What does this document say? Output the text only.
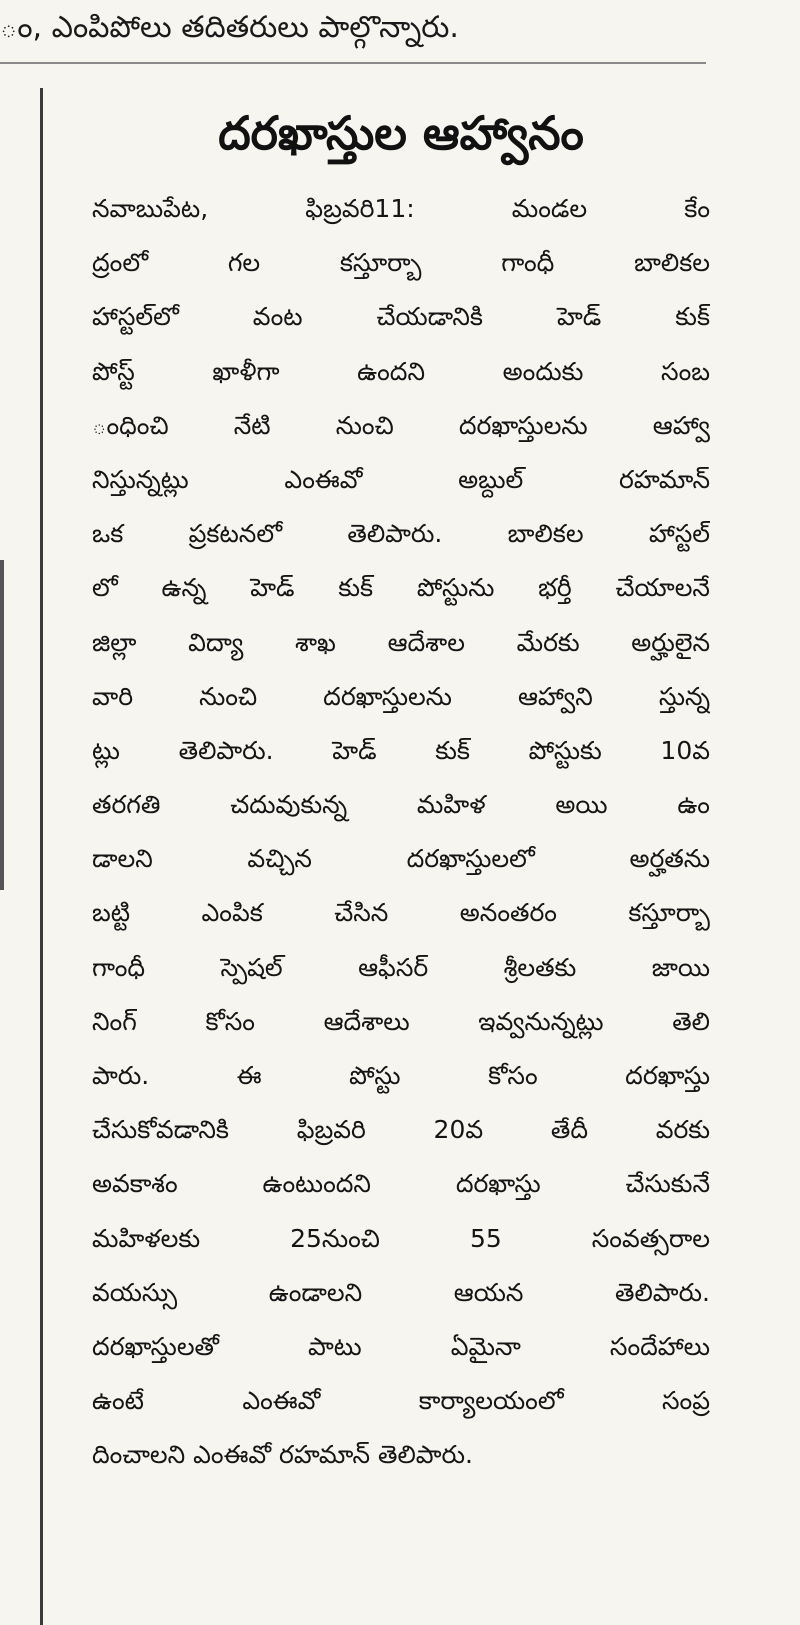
ం, ఎంపిపోలు తదితరులు పాల్గొన్నారు.
దరఖాస్తుల ఆహ్వానం
నవాబుపేట, ఫిబ్రవరి11: మండల కేం
ద్రంలో గల కస్తూర్బా గాంధీ బాలికల
హాస్టల్‌లో వంట చేయడానికి హెడ్ కుక్
పోస్ట్ ఖాళీగా ఉందని అందుకు సంబ
ంధించి నేటి నుంచి దరఖాస్తులను ఆహ్వా
నిస్తున్నట్లు ఎంఈవో అబ్దుల్ రహమాన్
ఒక ప్రకటనలో తెలిపారు. బాలికల హాస్టల్
లో ఉన్న హెడ్ కుక్ పోస్టును భర్తీ చేయాలనే
జిల్లా విద్యా శాఖ ఆదేశాల మేరకు అర్హులైన
వారి నుంచి దరఖాస్తులను ఆహ్వాని స్తున్న
ట్లు తెలిపారు. హెడ్ కుక్ పోస్టుకు 10వ
తరగతి చదువుకున్న మహిళ అయి ఉం
డాలని వచ్చిన దరఖాస్తులలో అర్హతను
బట్టి ఎంపిక చేసిన అనంతరం కస్తూర్బా
గాంధీ స్పెషల్ ఆఫీసర్ శ్రీలతకు జాయి
నింగ్ కోసం ఆదేశాలు ఇవ్వనున్నట్లు తెలి
పారు. ఈ పోస్టు కోసం దరఖాస్తు
చేసుకోవడానికి ఫిబ్రవరి 20వ తేదీ వరకు
అవకాశం ఉంటుందని దరఖాస్తు చేసుకునే
మహిళలకు 25నుంచి 55 సంవత్సరాల
వయస్సు ఉండాలని ఆయన తెలిపారు.
దరఖాస్తులతో పాటు ఏమైనా సందేహాలు
ఉంటే ఎంఈవో కార్యాలయంలో సంప్ర
దించాలని ఎంఈవో రహమాన్ తెలిపారు.
